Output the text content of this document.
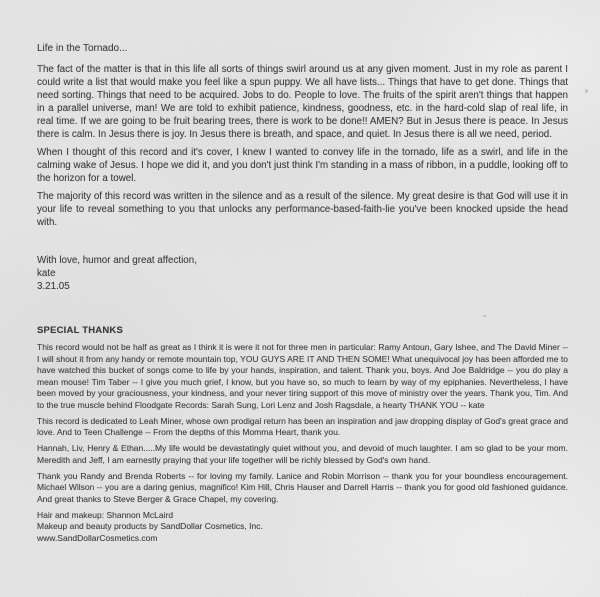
Life in the Tornado...

The fact of the matter is that in this life all sorts of things swirl around us at any given moment. Just in my role as parent I could write a list that would make you feel like a spun puppy. We all have lists... Things that have to get done. Things that need sorting. Things that need to be acquired. Jobs to do. People to love. The fruits of the spirit aren't things that happen in a parallel universe, man! We are told to exhibit patience, kindness, goodness, etc. in the hard-cold slap of real life, in real time. If we are going to be fruit bearing trees, there is work to be done!! AMEN? But in Jesus there is peace. In Jesus there is calm. In Jesus there is joy. In Jesus there is breath, and space, and quiet. In Jesus there is all we need, period.

When I thought of this record and it's cover, I knew I wanted to convey life in the tornado, life as a swirl, and life in the calming wake of Jesus. I hope we did it, and you don't just think I'm standing in a mass of ribbon, in a puddle, looking off to the horizon for a towel.

The majority of this record was written in the silence and as a result of the silence. My great desire is that God will use it in your life to reveal something to you that unlocks any performance-based-faith-lie you've been knocked upside the head with.

With love, humor and great affection,

kate

3.21.05

SPECIAL THANKS

This record would not be half as great as I think it is were it not for three men in particular: Ramy Antoun, Gary Ishee, and The David Miner -- I will shout it from any handy or remote mountain top, YOU GUYS ARE IT AND THEN SOME! What unequivocal joy has been afforded me to have watched this bucket of songs come to life by your hands, inspiration, and talent. Thank you, boys. And Joe Baldridge -- you do play a mean mouse! Tim Taber -- I give you much grief, I know, but you have so, so much to learn by way of my epiphanies. Nevertheless, I have been moved by your graciousness, your kindness, and your never tiring support of this move of ministry over the years. Thank you, Tim. And to the true muscle behind Floodgate Records: Sarah Sung, Lori Lenz and Josh Ragsdale, a hearty THANK YOU -- kate

This record is dedicated to Leah Miner, whose own prodigal return has been an inspiration and jaw dropping display of God's great grace and love. And to Teen Challenge -- From the depths of this Momma Heart, thank you.

Hannah, Liv, Henry & Ethan.....My life would be devastatingly quiet without you, and devoid of much laughter. I am so glad to be your mom. Meredith and Jeff, I am earnestly praying that your life together will be richly blessed by God's own hand.

Thank you Randy and Brenda Roberts -- for loving my family. Lanice and Robin Morrison -- thank you for your boundless encouragement. Michael Wilson -- you are a daring genius, magnifico! Kim Hill, Chris Hauser and Darrell Harris -- thank you for good old fashioned guidance. And great thanks to Steve Berger & Grace Chapel, my covering.

Hair and makeup: Shannon McLaird

Makeup and beauty products by SandDollar Cosmetics, Inc.

www.SandDollarCosmetics.com
